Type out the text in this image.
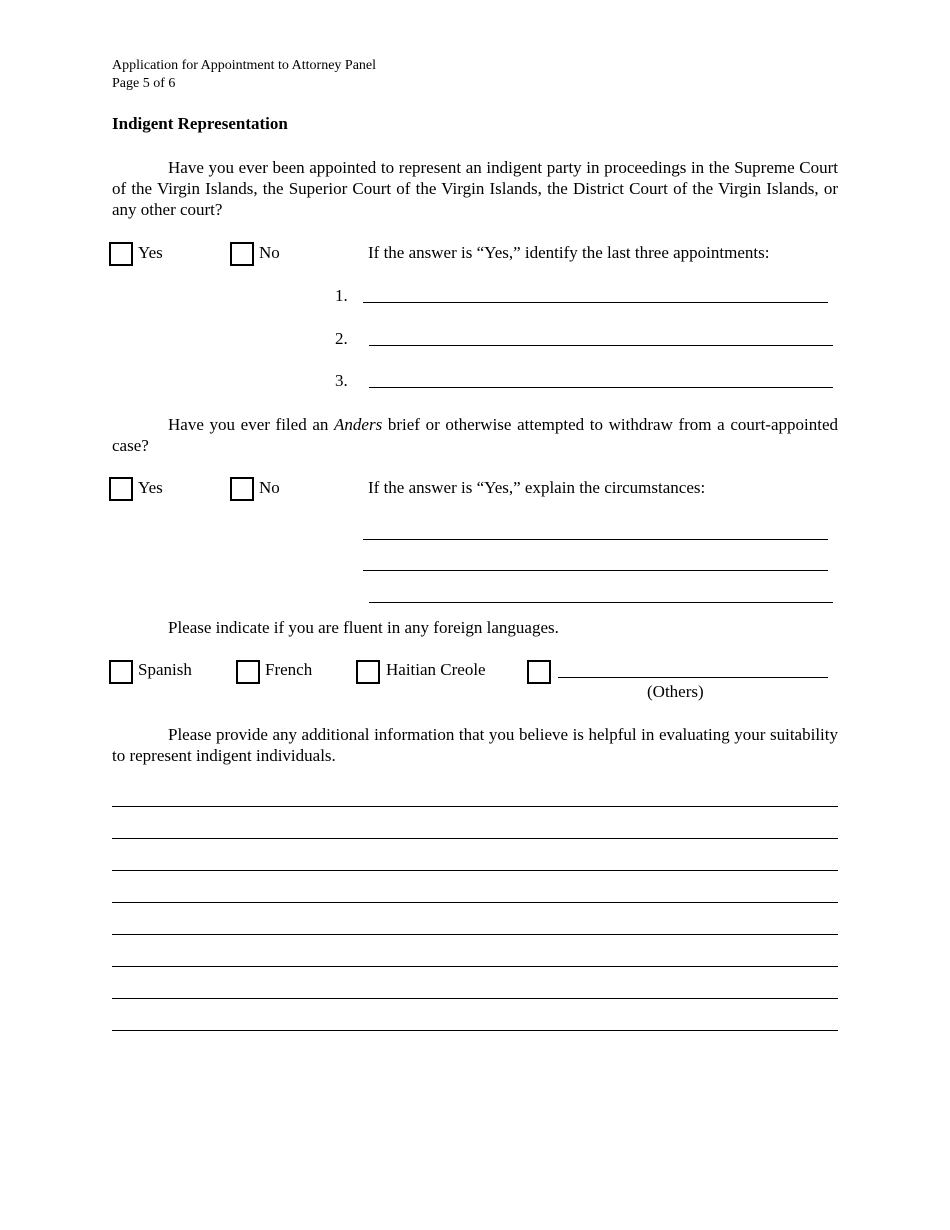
Application for Appointment to Attorney Panel
Page 5 of 6
Indigent Representation
Have you ever been appointed to represent an indigent party in proceedings in the Supreme Court of the Virgin Islands, the Superior Court of the Virgin Islands, the District Court of the Virgin Islands, or any other court?
Yes	No	If the answer is “Yes,” identify the last three appointments:
1.
2.
3.
Have you ever filed an Anders brief or otherwise attempted to withdraw from a court-appointed case?
Yes	No	If the answer is “Yes,” explain the circumstances:
Please indicate if you are fluent in any foreign languages.
Spanish	French	Haitian Creole
(Others)
Please provide any additional information that you believe is helpful in evaluating your suitability to represent indigent individuals.
